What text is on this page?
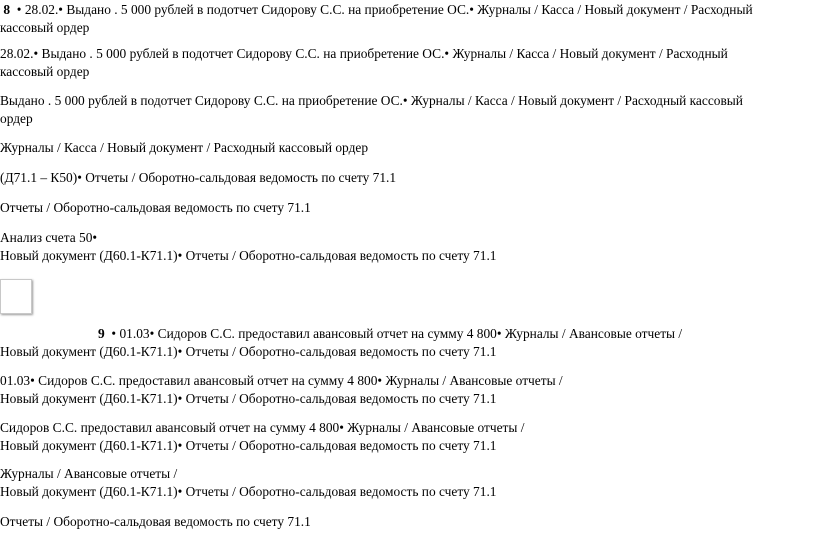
8 • 28.02.• Выдано . 5 000 рублей в подотчет Сидорову С.С. на приобретение ОС.• Журналы / Касса / Новый документ / Расходный

кассовый ордер

28.02.• Выдано . 5 000 рублей в подотчет Сидорову С.С. на приобретение ОС.• Журналы / Касса / Новый документ / Расходный

кассовый ордер

Выдано . 5 000 рублей в подотчет Сидорову С.С. на приобретение ОС.• Журналы / Касса / Новый документ / Расходный кассовый

ордер

Журналы / Касса / Новый документ / Расходный кассовый ордер

(Д71.1 – К50)• Отчеты / Оборотно-сальдовая ведомость по счету 71.1

Отчеты / Оборотно-сальдовая ведомость по счету 71.1

Анализ счета 50•

Новый документ (Д60.1-К71.1)• Отчеты / Оборотно-сальдовая ведомость по счету 71.1

9 • 01.03• Сидоров С.С. предоставил авансовый отчет на сумму 4 800• Журналы / Авансовые отчеты /

Новый документ (Д60.1-К71.1)• Отчеты / Оборотно-сальдовая ведомость по счету 71.1

01.03• Сидоров С.С. предоставил авансовый отчет на сумму 4 800• Журналы / Авансовые отчеты /

Новый документ (Д60.1-К71.1)• Отчеты / Оборотно-сальдовая ведомость по счету 71.1

Сидоров С.С. предоставил авансовый отчет на сумму 4 800• Журналы / Авансовые отчеты /

Новый документ (Д60.1-К71.1)• Отчеты / Оборотно-сальдовая ведомость по счету 71.1

Журналы / Авансовые отчеты /

Новый документ (Д60.1-К71.1)• Отчеты / Оборотно-сальдовая ведомость по счету 71.1

Отчеты / Оборотно-сальдовая ведомость по счету 71.1
